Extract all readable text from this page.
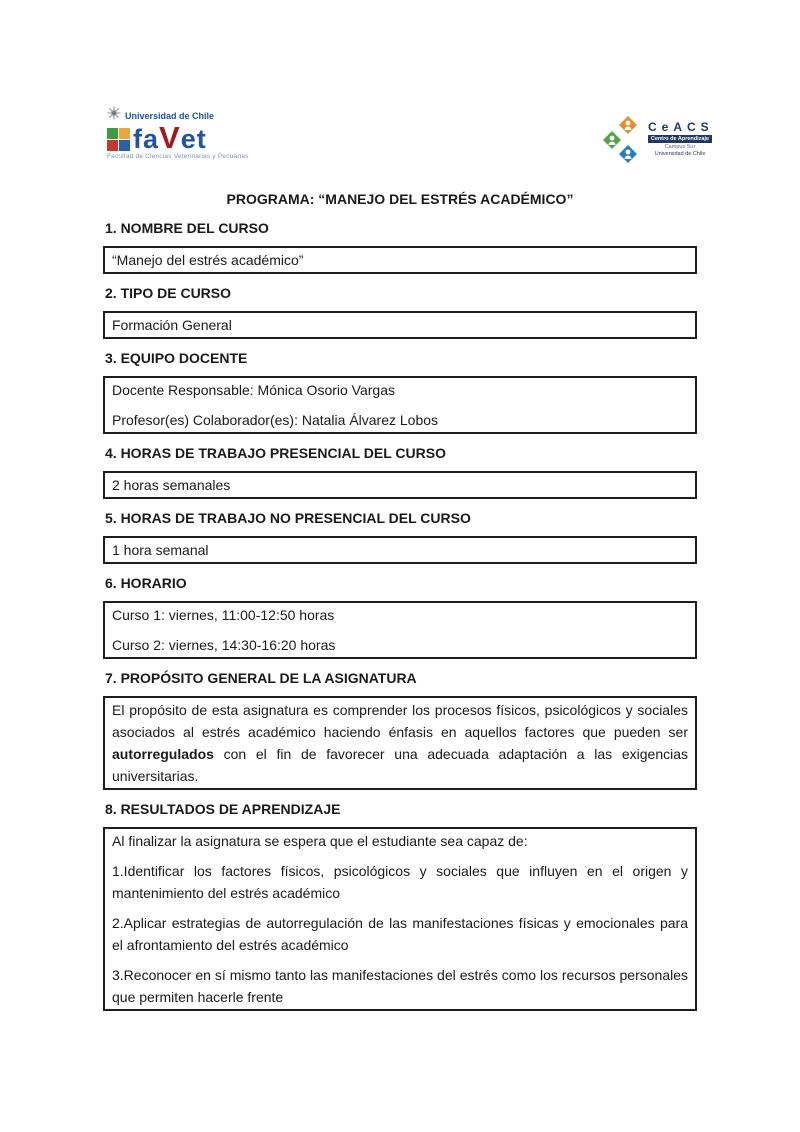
Universidad de Chile
faVet
Facultad de Ciencias Veterinarias y Pecuarias
CeACS
Centro de Aprendizaje
Campus Sur
Universidad de Chile

PROGRAMA: “MANEJO DEL ESTRÉS ACADÉMICO”

1. NOMBRE DEL CURSO

“Manejo del estrés académico”

2. TIPO DE CURSO

Formación General

3. EQUIPO DOCENTE

Docente Responsable: Mónica Osorio Vargas

Profesor(es) Colaborador(es): Natalia Álvarez Lobos

4. HORAS DE TRABAJO PRESENCIAL DEL CURSO

2 horas semanales

5. HORAS DE TRABAJO NO PRESENCIAL DEL CURSO

1 hora semanal

6. HORARIO

Curso 1: viernes, 11:00-12:50 horas

Curso 2: viernes, 14:30-16:20 horas

7. PROPÓSITO GENERAL DE LA ASIGNATURA

El propósito de esta asignatura es comprender los procesos físicos, psicológicos y sociales asociados al estrés académico haciendo énfasis en aquellos factores que pueden ser autorregulados con el fin de favorecer una adecuada adaptación a las exigencias universitarias.

8. RESULTADOS DE APRENDIZAJE

Al finalizar la asignatura se espera que el estudiante sea capaz de:

1.Identificar los factores físicos, psicológicos y sociales que influyen en el origen y mantenimiento del estrés académico

2.Aplicar estrategias de autorregulación de las manifestaciones físicas y emocionales para el afrontamiento del estrés académico

3.Reconocer en sí mismo tanto las manifestaciones del estrés como los recursos personales que permiten hacerle frente
